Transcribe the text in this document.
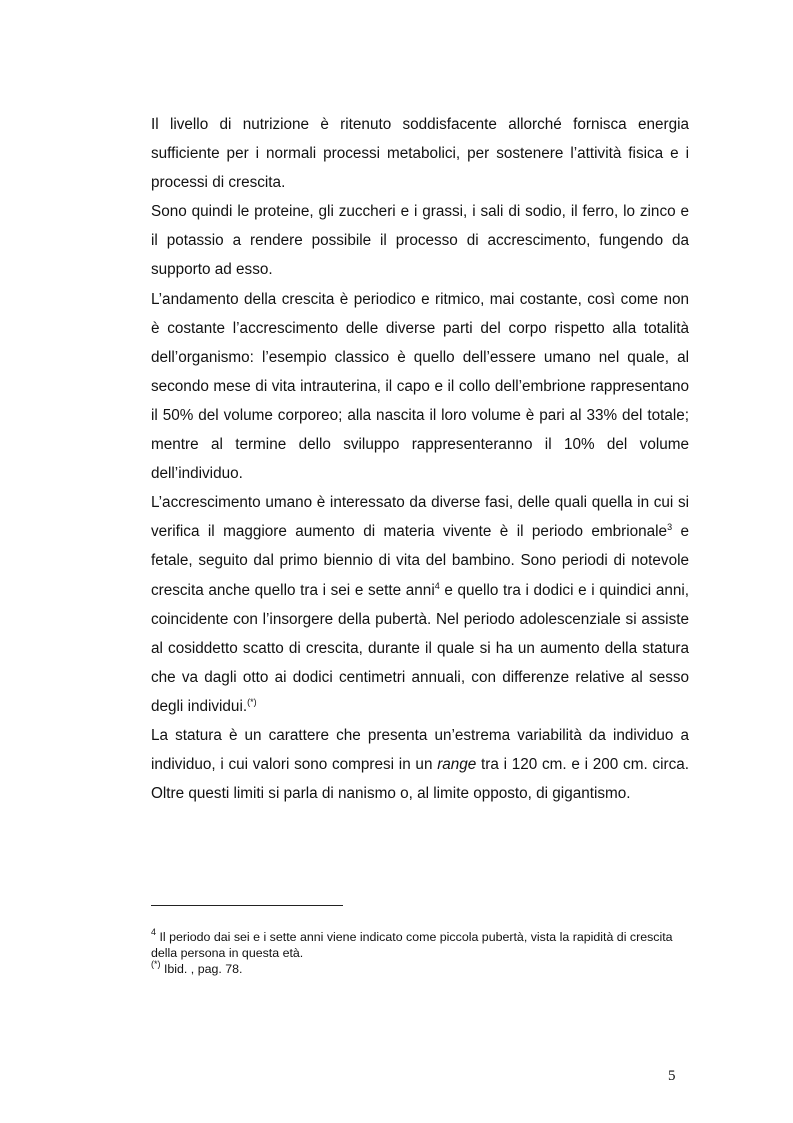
Il livello di nutrizione è ritenuto soddisfacente allorché fornisca energia sufficiente per i normali processi metabolici, per sostenere l’attività fisica e i processi di crescita.

Sono quindi le proteine, gli zuccheri e i grassi, i sali di sodio, il ferro, lo zinco e il potassio a rendere possibile il processo di accrescimento, fungendo da supporto ad esso.

L’andamento della crescita è periodico e ritmico, mai costante, così come non è costante l’accrescimento delle diverse parti del corpo rispetto alla totalità dell’organismo: l’esempio classico è quello dell’essere umano nel quale, al secondo mese di vita intrauterina, il capo e il collo dell’embrione rappresentano il 50% del volume corporeo; alla nascita il loro volume è pari al 33% del totale; mentre al termine dello sviluppo rappresenteranno il 10% del volume dell’individuo.

L’accrescimento umano è interessato da diverse fasi, delle quali quella in cui si verifica il maggiore aumento di materia vivente è il periodo embrionale$^3$ e fetale, seguito dal primo biennio di vita del bambino. Sono periodi di notevole crescita anche quello tra i sei e sette anni$^4$ e quello tra i dodici e i quindici anni, coincidente con l’insorgere della pubertà. Nel periodo adolescenziale si assiste al cosiddetto scatto di crescita, durante il quale si ha un aumento della statura che va dagli otto ai dodici centimetri annuali, con differenze relative al sesso degli individui.(*)

La statura è un carattere che presenta un’estrema variabilità da individuo a individuo, i cui valori sono compresi in un range tra i 120 cm. e i 200 cm. circa. Oltre questi limiti si parla di nanismo o, al limite opposto, di gigantismo.

$^4$ Il periodo dai sei e i sette anni viene indicato come piccola pubertà, vista la rapidità di crescita della persona in questa età.

(*) Ibid. , pag. 78.

5
